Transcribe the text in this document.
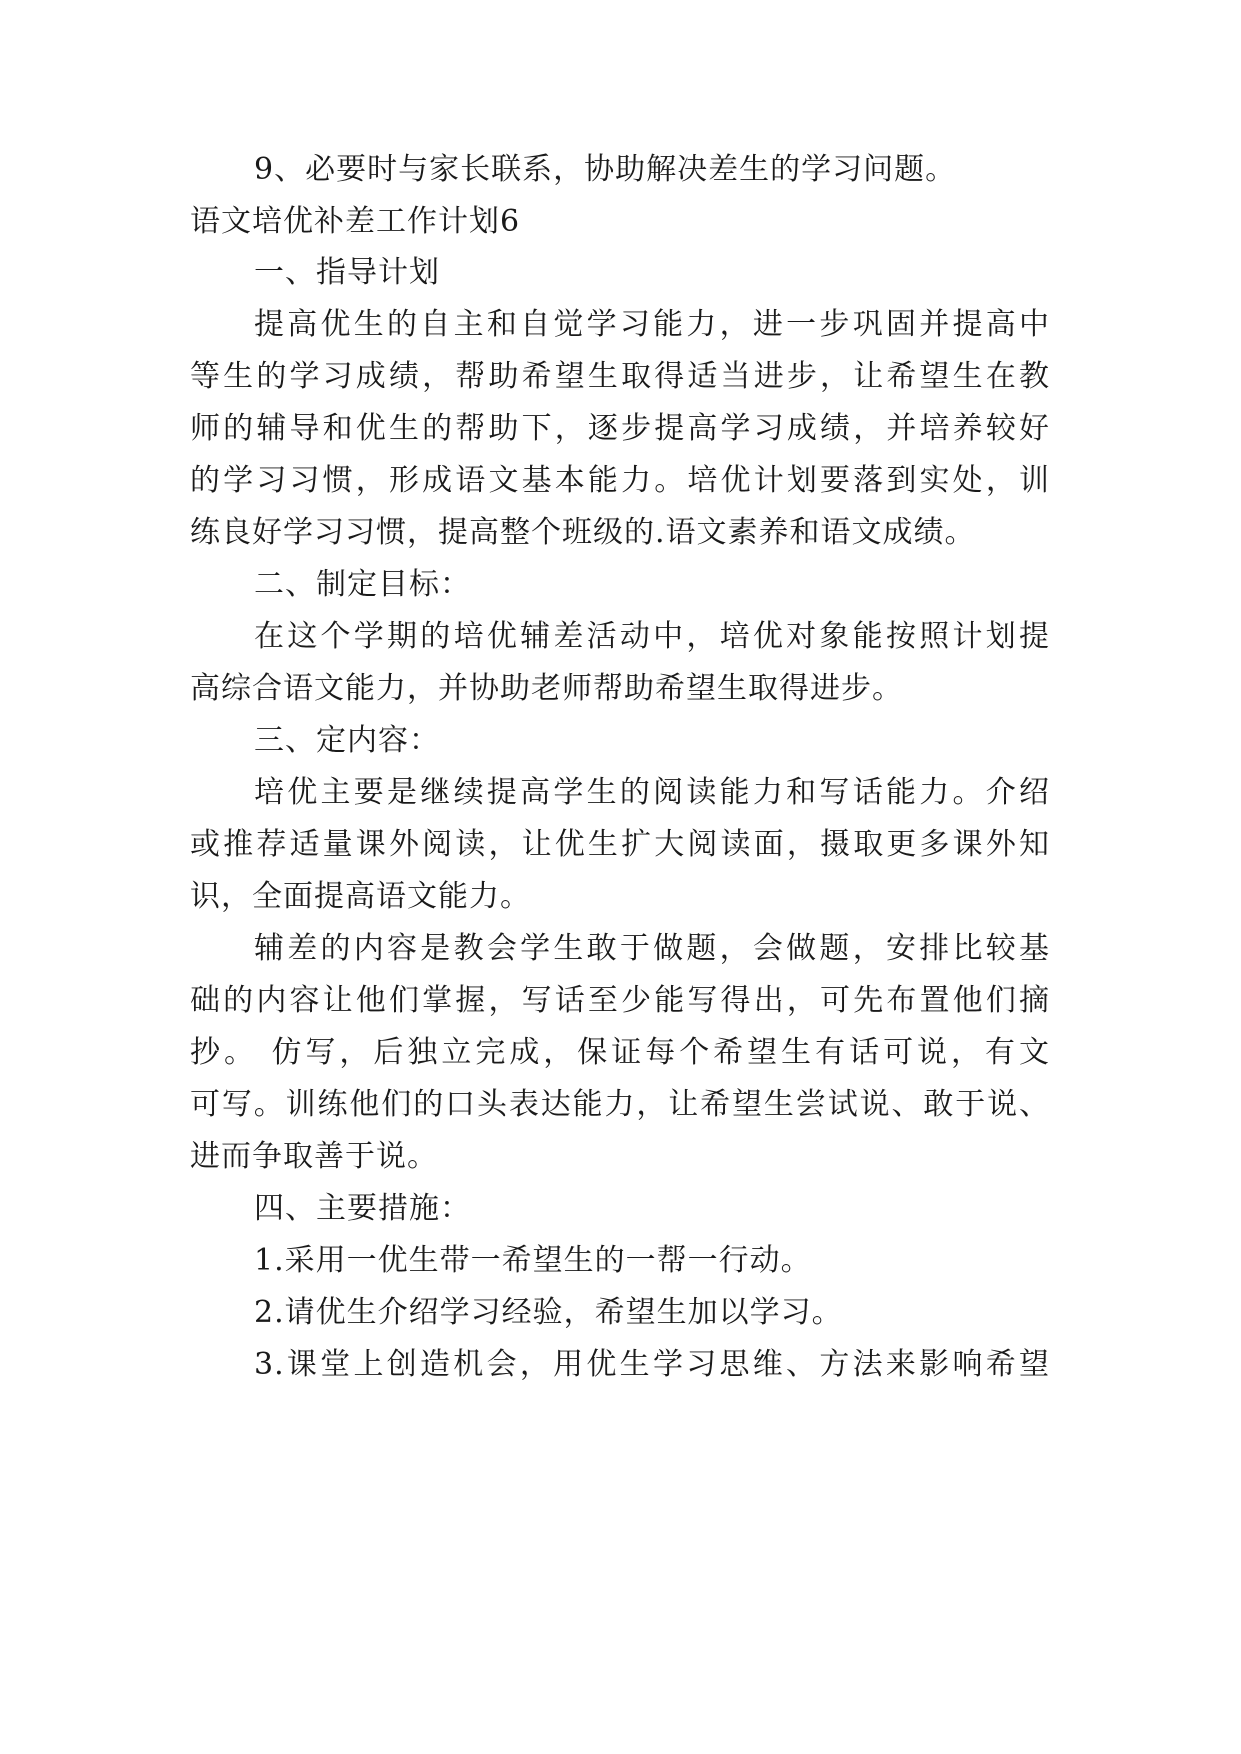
9、必要时与家长联系，协助解决差生的学习问题。
语文培优补差工作计划6
一、指导计划
提高优生的自主和自觉学习能力，进一步巩固并提高中
等生的学习成绩，帮助希望生取得适当进步，让希望生在教
师的辅导和优生的帮助下，逐步提高学习成绩，并培养较好
的学习习惯，形成语文基本能力。培优计划要落到实处，训
练良好学习习惯，提高整个班级的.语文素养和语文成绩。
二、制定目标：
在这个学期的培优辅差活动中，培优对象能按照计划提
高综合语文能力，并协助老师帮助希望生取得进步。
三、定内容：
培优主要是继续提高学生的阅读能力和写话能力。介绍
或推荐适量课外阅读，让优生扩大阅读面，摄取更多课外知
识，全面提高语文能力。
辅差的内容是教会学生敢于做题，会做题，安排比较基
础的内容让他们掌握，写话至少能写得出，可先布置他们摘
抄。 仿写，后独立完成，保证每个希望生有话可说，有文
可写。训练他们的口头表达能力，让希望生尝试说、敢于说、
进而争取善于说。
四、主要措施：
1.采用一优生带一希望生的一帮一行动。
2.请优生介绍学习经验，希望生加以学习。
3.课堂上创造机会，用优生学习思维、方法来影响希望
